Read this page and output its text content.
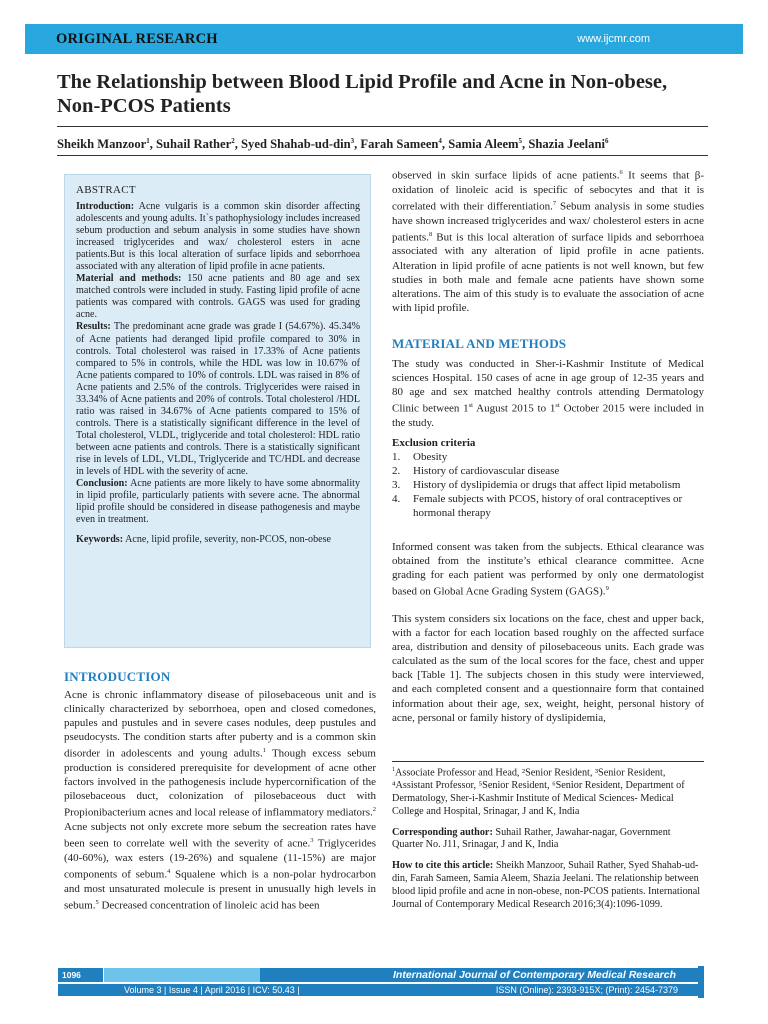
ORIGINAL RESEARCH	www.ijcmr.com
The Relationship between Blood Lipid Profile and Acne in Non-obese, Non-PCOS Patients
Sheikh Manzoor$^1$, Suhail Rather$^2$, Syed Shahab-ud-din$^3$, Farah Sameen$^4$, Samia Aleem$^5$, Shazia Jeelani$^6$
ABSTRACT

Introduction: Acne vulgaris is a common skin disorder affecting adolescents and young adults. It`s pathophysiology includes increased sebum production and sebum analysis in some studies have shown increased triglycerides and wax/ cholesterol esters in acne patients.But is this local alteration of surface lipids and seborrhoea associated with any alteration of lipid profile in acne patients.

Material and methods: 150 acne patients and 80 age and sex matched controls were included in study. Fasting lipid profile of acne patients was compared with controls. GAGS was used for grading acne.

Results: The predominant acne grade was grade I (54.67%). 45.34% of Acne patients had deranged lipid profile compared to 30% in controls. Total cholesterol was raised in 17.33% of Acne patients compared to 5% in controls, while the HDL was low in 10.67% of Acne patients compared to 10% of controls. LDL was raised in 8% of Acne patients and 2.5% of the controls. Triglycerides were raised in 33.34% of Acne patients and 20% of controls. Total cholesterol /HDL ratio was raised in 34.67% of Acne patients compared to 15% of controls. There is a statistically significant difference in the level of Total cholesterol, VLDL, triglyceride and total cholesterol: HDL ratio between acne patients and controls. There is a statistically significant rise in levels of LDL, VLDL, Triglyceride and TC/HDL and decrease in levels of HDL with the severity of acne.

Conclusion: Acne patients are more likely to have some abnormality in lipid profile, particularly patients with severe acne. The abnormal lipid profile should be considered in disease pathogenesis and maybe even in treatment.

Keywords: Acne, lipid profile, severity, non-PCOS, non-obese

INTRODUCTION

Acne is chronic inflammatory disease of pilosebaceous unit and is clinically characterized by seborrhoea, open and closed comedones, papules and pustules and in severe cases nodules, deep pustules and pseudocysts. The condition starts after puberty and is a common skin disorder in adolescents and young adults.$^1$ Though excess sebum production is considered prerequisite for development of acne other factors involved in the pathogenesis include hypercornification of the pilosebaceous duct, colonization of pilosebaceous duct with Propionibacterium acnes and local release of inflammatory mediators.$^2$ Acne subjects not only excrete more sebum the secreation rates have been seen to correlate well with the severity of acne.$^3$ Triglycerides (40-60%), wax esters (19-26%) and squalene (11-15%) are major components of sebum.$^4$ Squalene which is a non-polar hydrocarbon and most unsaturated molecule is present in unusually high levels in sebum.$^5$ Decreased concentration of linoleic acid has been

observed in skin surface lipids of acne patients.$^6$ It seems that β-oxidation of linoleic acid is specific of sebocytes and that it is correlated with their differentiation.$^7$ Sebum analysis in some studies have shown increased triglycerides and wax/ cholesterol esters in acne patients.$^8$ But is this local alteration of surface lipids and seborrhoea associated with any alteration of lipid profile in acne patients. Alteration in lipid profile of acne patients is not well known, but few studies in both male and female acne patients have shown some alterations. The aim of this study is to evaluate the association of acne with lipid profile.

MATERIAL AND METHODS

The study was conducted in Sher-i-Kashmir Institute of Medical sciences Hospital. 150 cases of acne in age group of 12-35 years and 80 age and sex matched healthy controls attending Dermatology Clinic between 1st August 2015 to 1st October 2015 were included in the study.

Exclusion criteria
1. Obesity
2. History of cardiovascular disease
3. History of dyslipidemia or drugs that affect lipid metabolism
4. Female subjects with PCOS, history of oral contraceptives or hormonal therapy

Informed consent was taken from the subjects. Ethical clearance was obtained from the institute’s ethical clearance committee. Acne grading for each patient was performed by only one dermatologist based on Global Acne Grading System (GAGS).$^9$

This system considers six locations on the face, chest and upper back, with a factor for each location based roughly on the affected surface area, distribution and density of pilosebaceous units. Each grade was calculated as the sum of the local scores for the face, chest and upper back [Table 1]. The subjects chosen in this study were interviewed, and each completed consent and a questionnaire form that contained information about their age, sex, weight, height, personal history of acne, personal or family history of dyslipidemia,

$^1$Associate Professor and Head, ²Senior Resident, ³Senior Resident, ⁴Assistant Professor, ⁵Senior Resident, ⁶Senior Resident, Department of Dermatology, Sher-i-Kashmir Institute of Medical Sciences- Medical College and Hospital, Srinagar, J and K, India

Corresponding author: Suhail Rather, Jawahar-nagar, Government Quarter No. J11, Srinagar, J and K, India

How to cite this article: Sheikh Manzoor, Suhail Rather, Syed Shahab-ud-din, Farah Sameen, Samia Aleem, Shazia Jeelani. The relationship between blood lipid profile and acne in non-obese, non-PCOS patients. International Journal of Contemporary Medical Research 2016;3(4):1096-1099.

1096	International Journal of Contemporary Medical Research
Volume 3 | Issue 4 | April 2016 | ICV: 50.43 |	ISSN (Online): 2393-915X; (Print): 2454-7379
